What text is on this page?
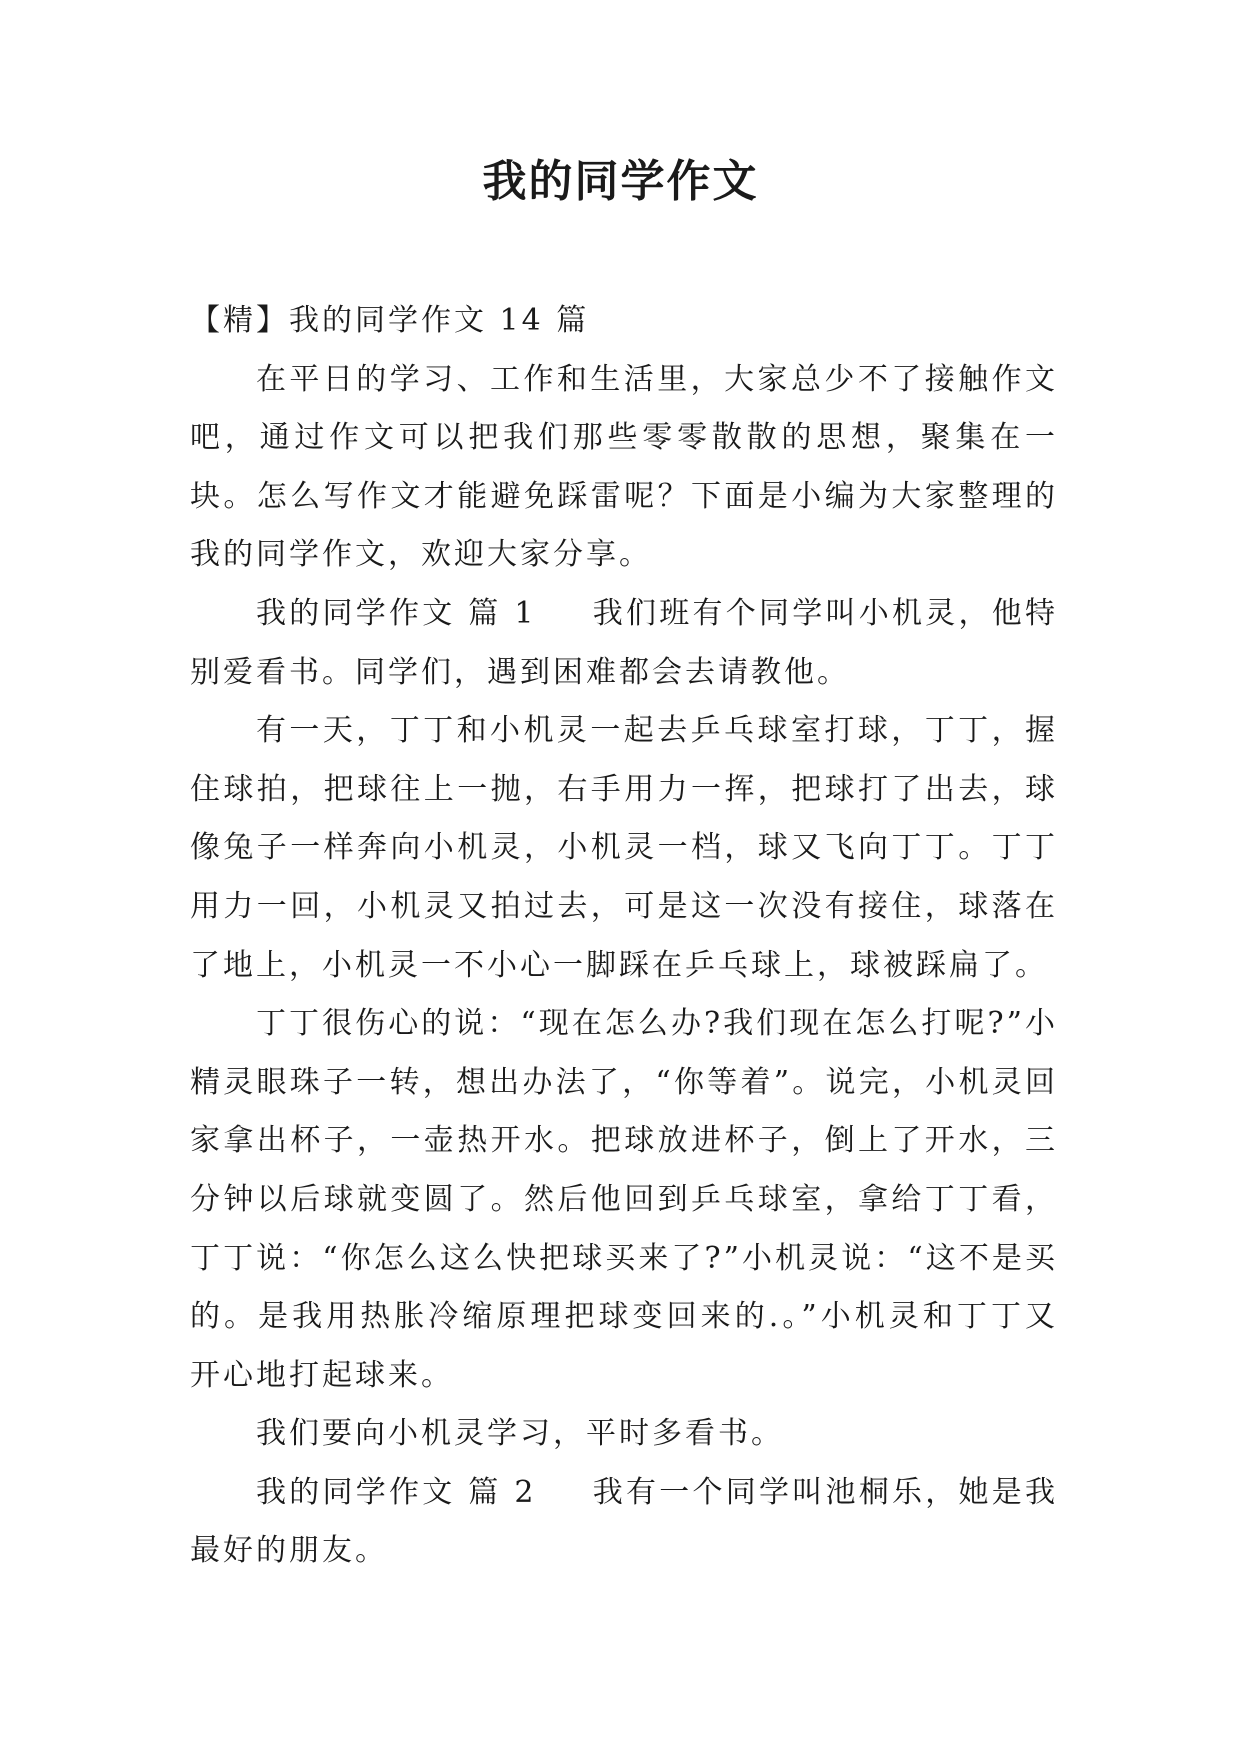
我的同学作文

【精】我的同学作文 14 篇

在平日的学习、工作和生活里，大家总少不了接触作文吧，通过作文可以把我们那些零零散散的思想，聚集在一块。怎么写作文才能避免踩雷呢？下面是小编为大家整理的我的同学作文，欢迎大家分享。

我的同学作文 篇 1 我们班有个同学叫小机灵，他特别爱看书。同学们，遇到困难都会去请教他。

有一天，丁丁和小机灵一起去乒乓球室打球，丁丁，握住球拍，把球往上一抛，右手用力一挥，把球打了出去，球像兔子一样奔向小机灵，小机灵一档，球又飞向丁丁。丁丁用力一回，小机灵又拍过去，可是这一次没有接住，球落在了地上，小机灵一不小心一脚踩在乒乓球上，球被踩扁了。

丁丁很伤心的说：“现在怎么办?我们现在怎么打呢?”小精灵眼珠子一转，想出办法了，“你等着”。说完，小机灵回家拿出杯子，一壶热开水。把球放进杯子，倒上了开水，三分钟以后球就变圆了。然后他回到乒乓球室，拿给丁丁看，丁丁说：“你怎么这么快把球买来了?”小机灵说：“这不是买的。是我用热胀冷缩原理把球变回来的.。”小机灵和丁丁又开心地打起球来。

我们要向小机灵学习，平时多看书。

我的同学作文 篇 2 我有一个同学叫池桐乐，她是我最好的朋友。
